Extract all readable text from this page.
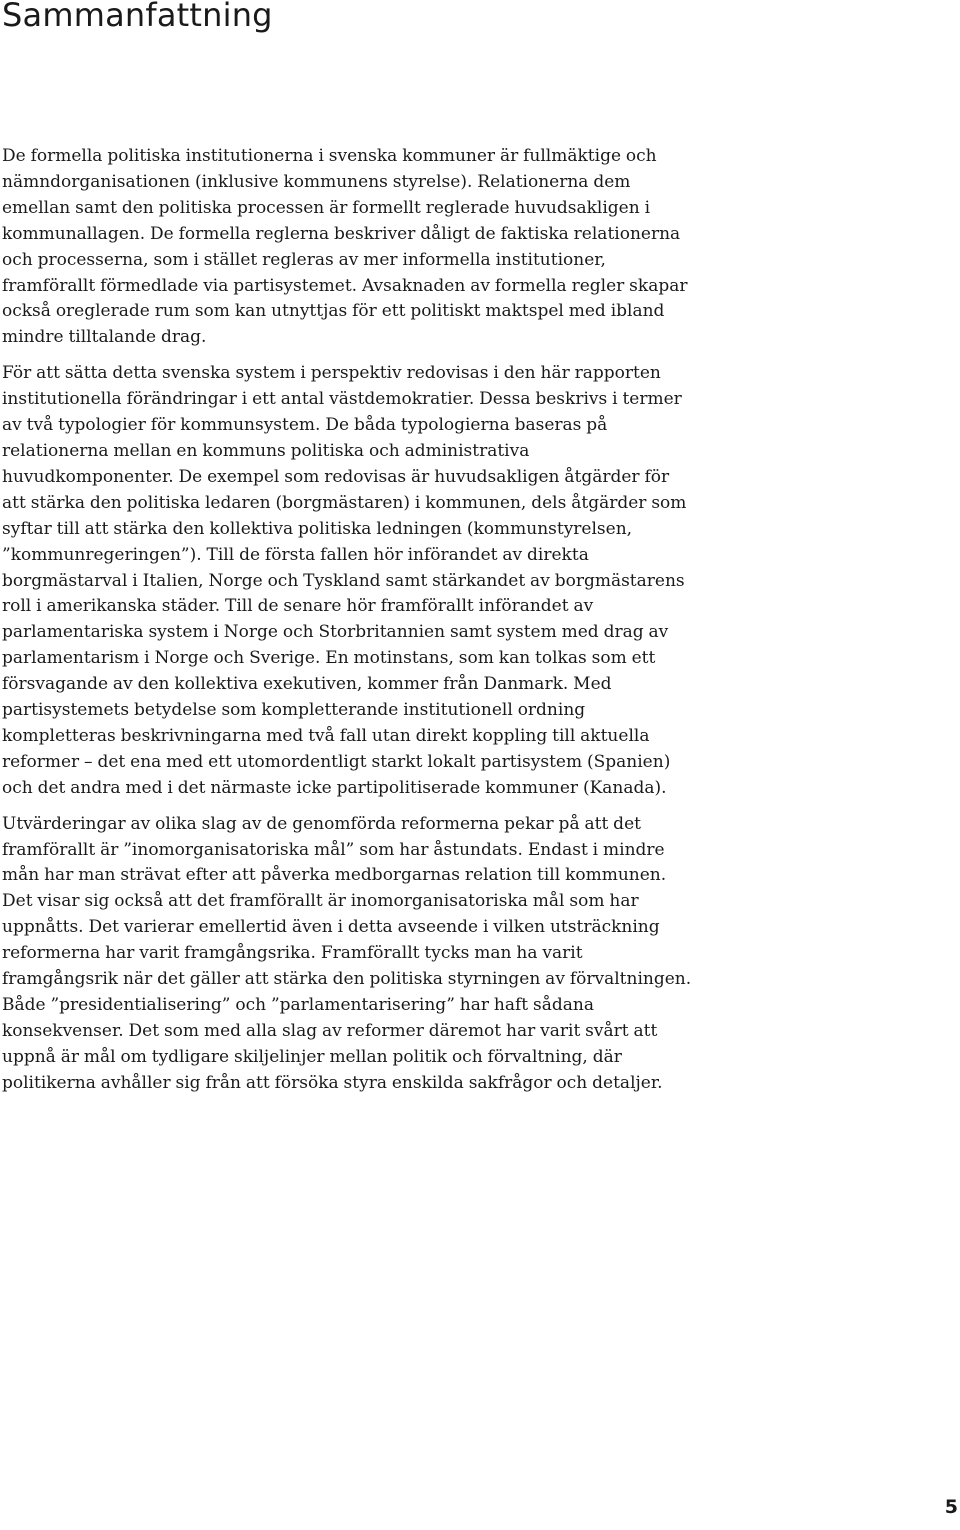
Sammanfattning

De formella politiska institutionerna i svenska kommuner är fullmäktige och nämndorganisationen (inklusive kommunens styrelse). Relationerna dem emellan samt den politiska processen är formellt reglerade huvudsakligen i kommunallagen. De formella reglerna beskriver dåligt de faktiska relationerna och processerna, som i stället regleras av mer informella institutioner, framförallt förmedlade via partisystemet. Avsaknaden av formella regler skapar också oreglerade rum som kan utnyttjas för ett politiskt maktspel med ibland mindre tilltalande drag.

För att sätta detta svenska system i perspektiv redovisas i den här rapporten institutionella förändringar i ett antal västdemokratier. Dessa beskrivs i termer av två typologier för kommunsystem. De båda typologierna baseras på relationerna mellan en kommuns politiska och administrativa huvudkomponenter. De exempel som redovisas är huvudsakligen åtgärder för att stärka den politiska ledaren (borgmästaren) i kommunen, dels åtgärder som syftar till att stärka den kollektiva politiska ledningen (kommunstyrelsen, ”kommunregeringen”). Till de första fallen hör införandet av direkta borgmästarval i Italien, Norge och Tyskland samt stärkandet av borgmästarens roll i amerikanska städer. Till de senare hör framförallt införandet av parlamentariska system i Norge och Storbritannien samt system med drag av parlamentarism i Norge och Sverige. En motinstans, som kan tolkas som ett försvagande av den kollektiva exekutiven, kommer från Danmark. Med partisystemets betydelse som kompletterande institutionell ordning kompletteras beskrivningarna med två fall utan direkt koppling till aktuella reformer – det ena med ett utomordentligt starkt lokalt partisystem (Spanien) och det andra med i det närmaste icke partipolitiserade kommuner (Kanada).

Utvärderingar av olika slag av de genomförda reformerna pekar på att det framförallt är ”inomorganisatoriska mål” som har åstundats. Endast i mindre mån har man strävat efter att påverka medborgarnas relation till kommunen. Det visar sig också att det framförallt är inomorganisatoriska mål som har uppnåtts. Det varierar emellertid även i detta avseende i vilken utsträckning reformerna har varit framgångsrika. Framförallt tycks man ha varit framgångsrik när det gäller att stärka den politiska styrningen av förvaltningen. Både ”presidentialisering” och ”parlamentarisering” har haft sådana konsekvenser. Det som med alla slag av reformer däremot har varit svårt att uppnå är mål om tydligare skiljelinjer mellan politik och förvaltning, där politikerna avhåller sig från att försöka styra enskilda sakfrågor och detaljer.

5
